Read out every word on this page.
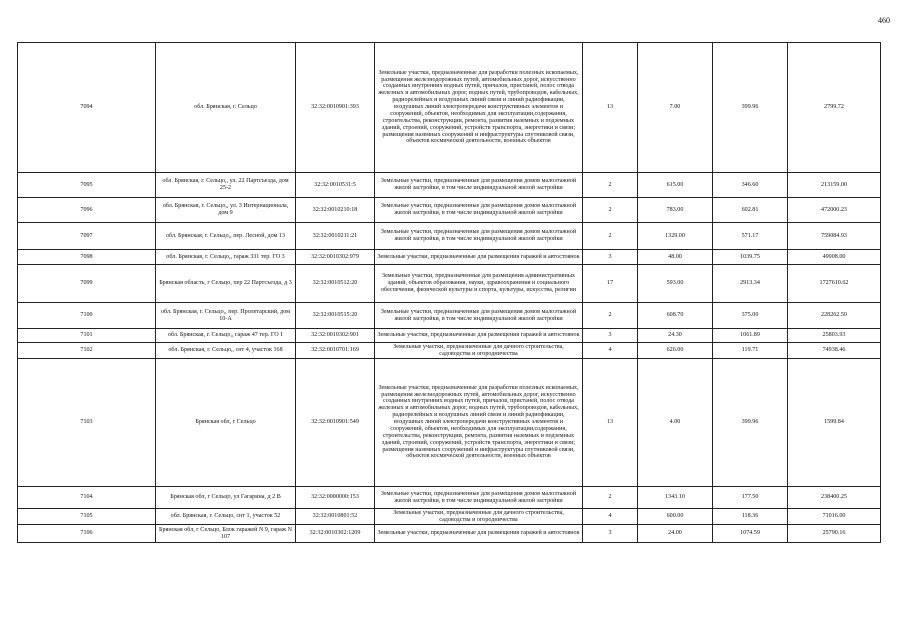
460
7094	обл. Брянская, г. Сельцо	32:32:0010901:393	Земельные участки, предназначенные для разработки полезных ископаемых, размещения железнодорожных путей, автомобильных дорог, искусственно созданных внутренних водных путей, причалов, пристаней, полос отвода железных и автомобильных дорог, водных путей, трубопроводов, кабельных, радиорелейных и воздушных линий связи и линий радиофикации, воздушных линий электропередачи конструктивных элементов и сооружений, объектов, необходимых для эксплуатации,содержания, строительства, реконструкции, ремонта, развития наземных и подземных зданий, строений, сооружений, устройств транспорта, энергетики и связи; размещения наземных сооружений и инфраструктуры спутниковой связи, объектов космической деятельности, военных объектов	13	7.00	399.96	2799.72
7095	обл. Брянская, г. Сельцо,, ул. 22 Партсъезда, дом 25-2	32:32:0010531:5	Земельные участки, предназначенные для размещения домов малоэтажной жилой застройки, в том числе индивидуальной жилой застройки	2	615.00	346.60	213159.00
7096	обл. Брянская, г. Сельцо,, ул. 3 Интернационала, дом 9	32:32:0010210:18	Земельные участки, предназначенные для размещения домов малоэтажной жилой застройки, в том числе индивидуальной жилой застройки	2	783.00	602.81	472000.23
7097	обл. Брянская, г. Сельцо,, пер. Лесной, дом 13	32:32:0010211:21	Земельные участки, предназначенные для размещения домов малоэтажной жилой застройки, в том числе индивидуальной жилой застройки	2	1329.00	571.17	759084.93
7098	обл. Брянская, г. Сельцо,, гараж 331 тер. ГО 3	32:32:0010302:979	Земельные участки, предназначенные для размещения гаражей и автостоянок	3	48.00	1039.75	49908.00
7099	Брянская область, г Сельцо, пер 22 Партсъезда, д 3	32:32:0010512:20	Земельные участки, предназначенные для размещения административных зданий, объектов образования, науки, здравоохранения и социального обеспечения, физической культуры и спорта, культуры, искусства, религии	17	593.00	2913.34	1727610.62
7100	обл. Брянская, г. Сельцо,, пер. Пролетарский, дом 10-А	32:32:0010515:20	Земельные участки, предназначенные для размещения домов малоэтажной жилой застройки, в том числе индивидуальной жилой застройки	2	608.70	375.00	228262.50
7101	обл. Брянская, г. Сельцо,, гараж 47 тер. ГО 1	32:32:0010302:901	Земельные участки, предназначенные для размещения гаражей и автостоянок	3	24.30	1061.89	25803.93
7102	обл. Брянская, г. Сельцо,, снт 4, участок 168	32:32:0010701:169	Земельные участки, предназначенные для дачного строительства, садоводства и огородничества	4	626.00	119.71	74938.46
7103	Брянская обл, г Сельцо	32:32:0010901:549	Земельные участки, предназначенные для разработки полезных ископаемых, размещения железнодорожных путей, автомобильных дорог, искусственно созданных внутренних водных путей, причалов, пристаней, полос отвода железных и автомобильных дорог, водных путей, трубопроводов, кабельных, радиорелейных и воздушных линий связи и линий радиофикации, воздушных линий электропередачи конструктивных элементов и сооружений, объектов, необходимых для эксплуатации,содержания, строительства, реконструкции, ремонта, развития наземных и подземных зданий, строений, сооружений, устройств транспорта, энергетики и связи; размещения наземных сооружений и инфраструктуры спутниковой связи, объектов космической деятельности, военных объектов	13	4.00	399.96	1599.84
7104	Брянская обл, г Сельцо, ул Гагарина, д 2 В	32:32:0000000:153	Земельные участки, предназначенные для размещения домов малоэтажной жилой застройки, в том числе индивидуальной жилой застройки	2	1343.10	177.50	238400.25
7105	обл. Брянская, г. Сельцо, снт 1, участок 52	32:32:0010801:52	Земельные участки, предназначенные для дачного строительства, садоводства и огородничества	4	600.00	118.36	71016.00
7106	Брянская обл, г Сельцо, Блок гаражей N 9, гараж N 107	32:32:0010302:1209	Земельные участки, предназначенные для размещения гаражей и автостоянок	3	24.00	1074.59	25790.16
